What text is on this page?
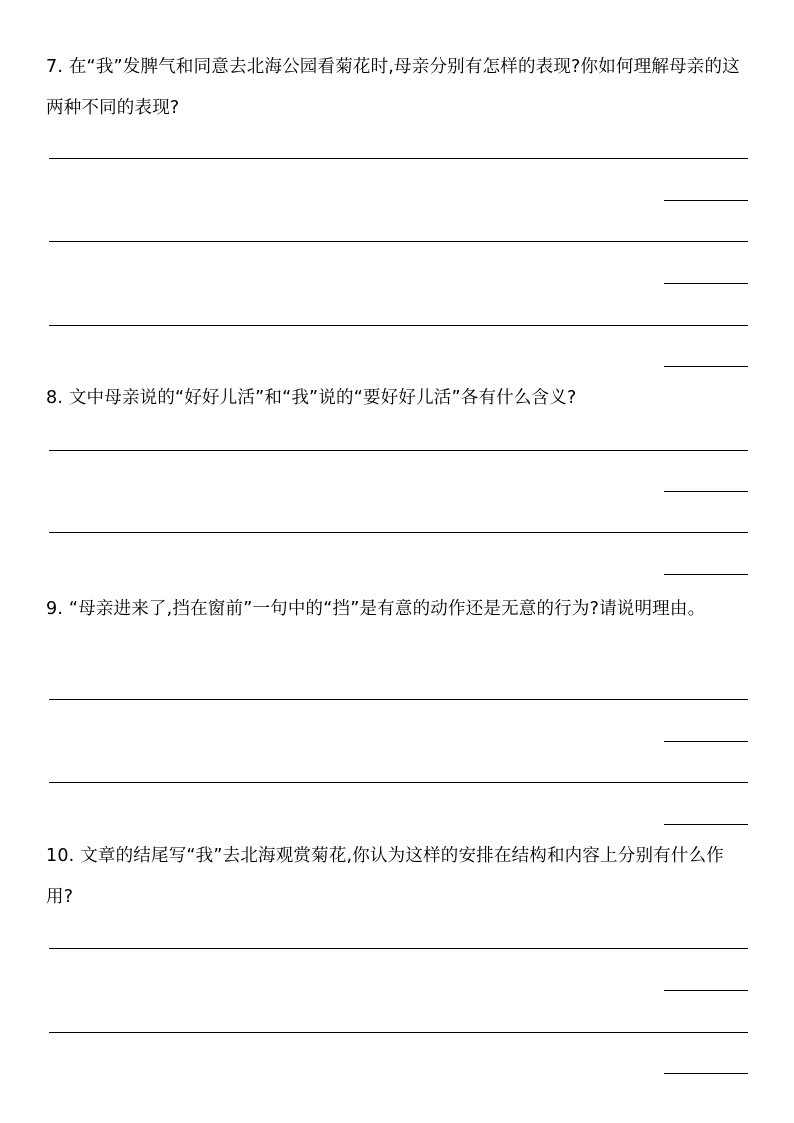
7. 在“我”发脾气和同意去北海公园看菊花时,母亲分别有怎样的表现?你如何理解母亲的这两种不同的表现?

8. 文中母亲说的“好好儿活”和“我”说的“要好好儿活”各有什么含义?

9. “母亲进来了,挡在窗前”一句中的“挡”是有意的动作还是无意的行为?请说明理由。

10. 文章的结尾写“我”去北海观赏菊花,你认为这样的安排在结构和内容上分别有什么作用?
